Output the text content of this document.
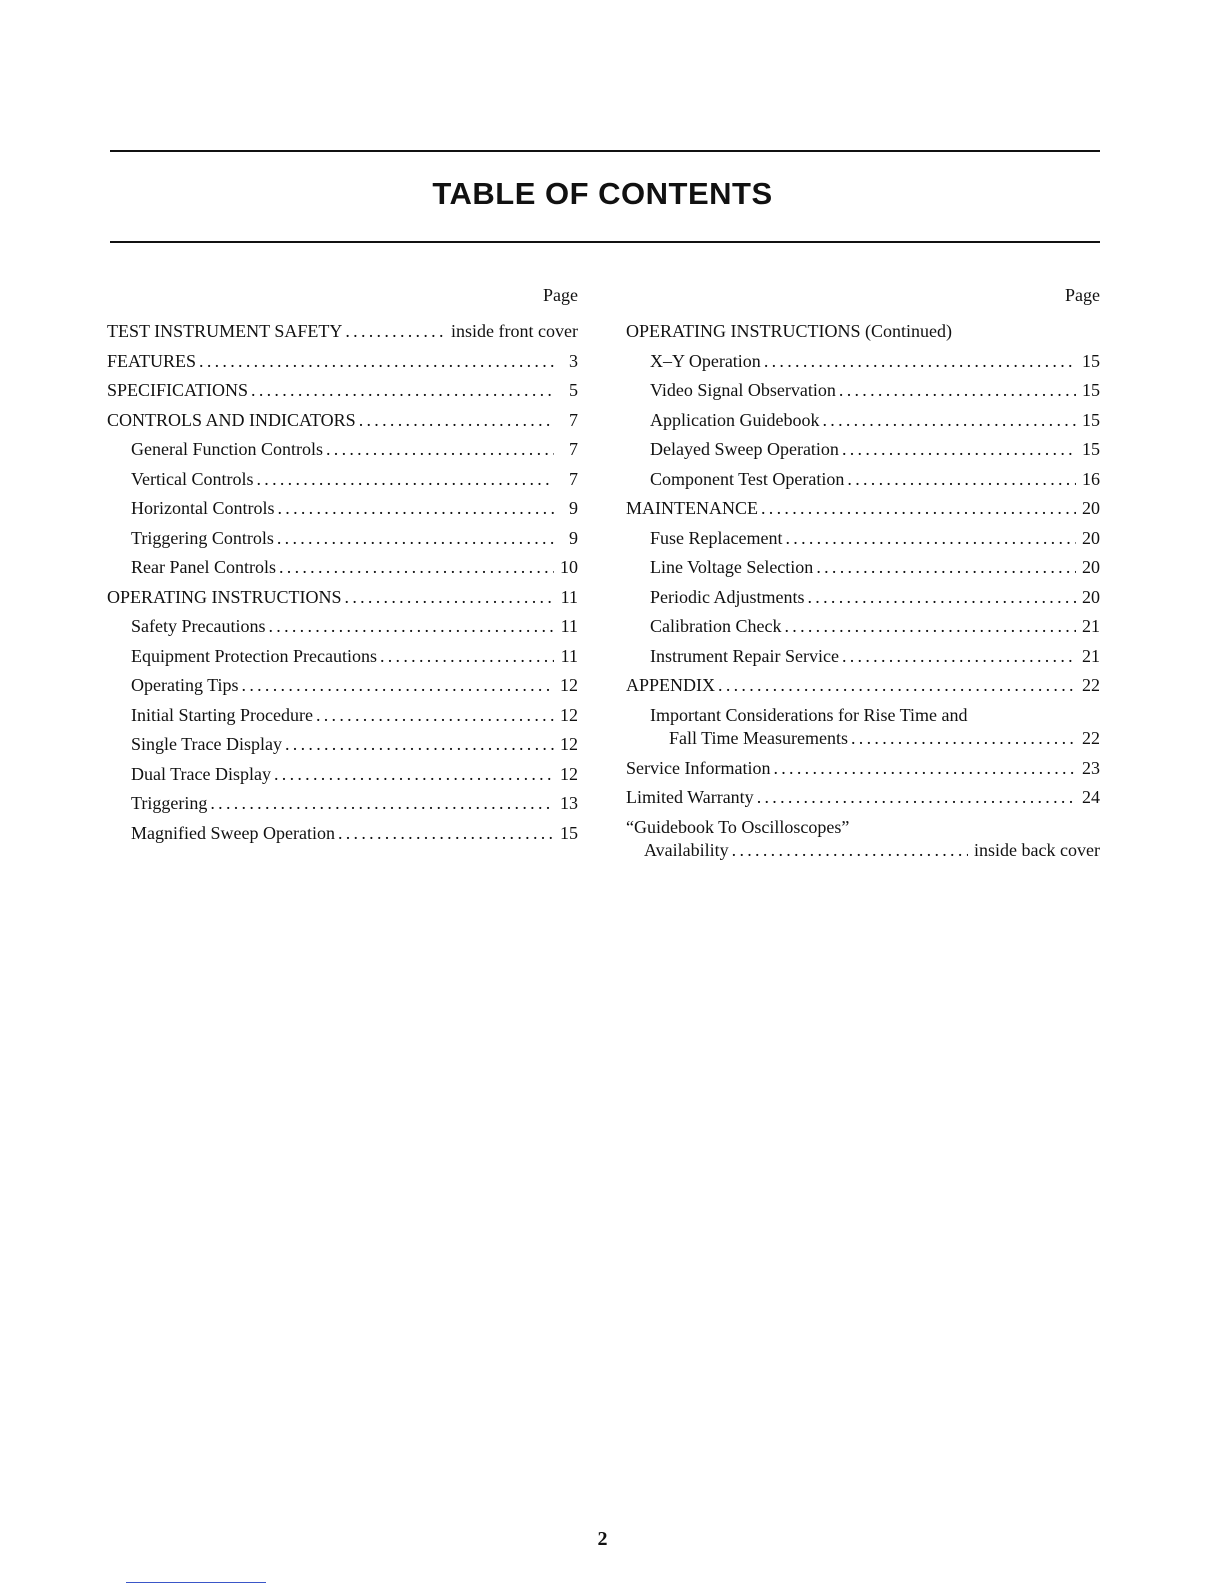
TABLE OF CONTENTS
Page
TEST INSTRUMENT SAFETY . . .	inside front cover
FEATURES . . .	3
SPECIFICATIONS . . .	5
CONTROLS AND INDICATORS . . .	7
General Function Controls . . .	7
Vertical Controls . . .	7
Horizontal Controls . . .	9
Triggering Controls . . .	9
Rear Panel Controls . . .	10
OPERATING INSTRUCTIONS . . .	11
Safety Precautions . . .	11
Equipment Protection Precautions . . .	11
Operating Tips . . .	12
Initial Starting Procedure . . .	12
Single Trace Display . . .	12
Dual Trace Display . . .	12
Triggering . . .	13
Magnified Sweep Operation . . .	15
Page
OPERATING INSTRUCTIONS (Continued)
X–Y Operation . . .	15
Video Signal Observation . . .	15
Application Guidebook . . .	15
Delayed Sweep Operation . . .	15
Component Test Operation . . .	16
MAINTENANCE . . .	20
Fuse Replacement . . .	20
Line Voltage Selection . . .	20
Periodic Adjustments . . .	20
Calibration Check . . .	21
Instrument Repair Service . . .	21
APPENDIX . . .	22
Important Considerations for Rise Time and
Fall Time Measurements . . .	22
Service Information . . .	23
Limited Warranty . . .	24
“Guidebook To Oscilloscopes”
Availability . . .	inside back cover
2
